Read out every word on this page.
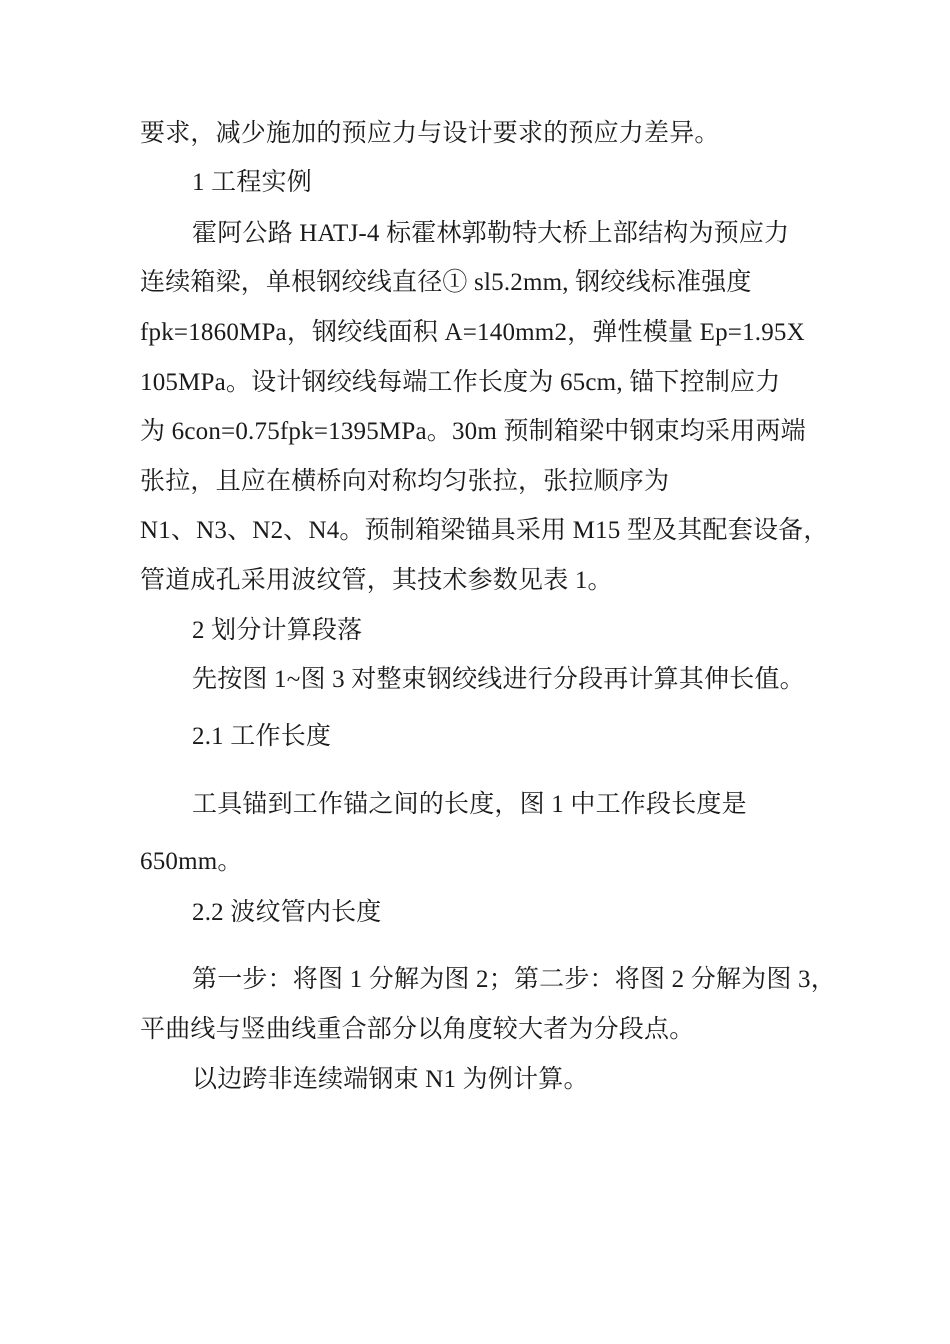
要求，减少施加的预应力与设计要求的预应力差异。
1 工程实例
霍阿公路 HATJ-4 标霍林郭勒特大桥上部结构为预应力
连续箱梁，单根钢绞线直径① sl5.2mm, 钢绞线标准强度
fpk=1860MPa，钢绞线面积 A=140mm2，弹性模量 Ep=1.95X
105MPa。设计钢绞线每端工作长度为 65cm, 锚下控制应力
为 6con=0.75fpk=1395MPa。30m 预制箱梁中钢束均采用两端
张拉，且应在横桥向对称均匀张拉，张拉顺序为
N1、N3、N2、N4。预制箱梁锚具采用 M15 型及其配套设备，
管道成孔采用波纹管，其技术参数见表 1。
2 划分计算段落
先按图 1~图 3 对整束钢绞线进行分段再计算其伸长值。
2.1 工作长度
工具锚到工作锚之间的长度，图 1 中工作段长度是
650mm。
2.2 波纹管内长度
第一步：将图 1 分解为图 2；第二步：将图 2 分解为图 3，
平曲线与竖曲线重合部分以角度较大者为分段点。
以边跨非连续端钢束 N1 为例计算。
